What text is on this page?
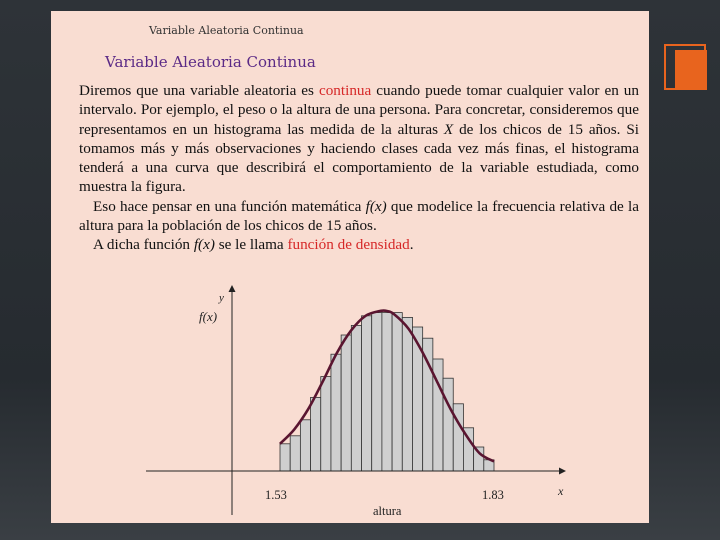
Variable Aleatoria Continua
Variable Aleatoria Continua

Diremos que una variable aleatoria es continua cuando puede tomar cualquier valor en un intervalo. Por ejemplo, el peso o la altura de una persona. Para concretar, consideremos que representamos en un histograma las medida de la alturas X de los chicos de 15 años. Si tomamos más y más observaciones y haciendo clases cada vez más finas, el histograma tenderá a una curva que describirá el comportamiento de la variable estudiada, como muestra la figura.

Eso hace pensar en una función matemática f(x) que modelice la frecuencia relativa de la altura para la población de los chicos de 15 años.

A dicha función f(x) se le llama función de densidad.

f(x)
y
x
1.53	1.83
altura
